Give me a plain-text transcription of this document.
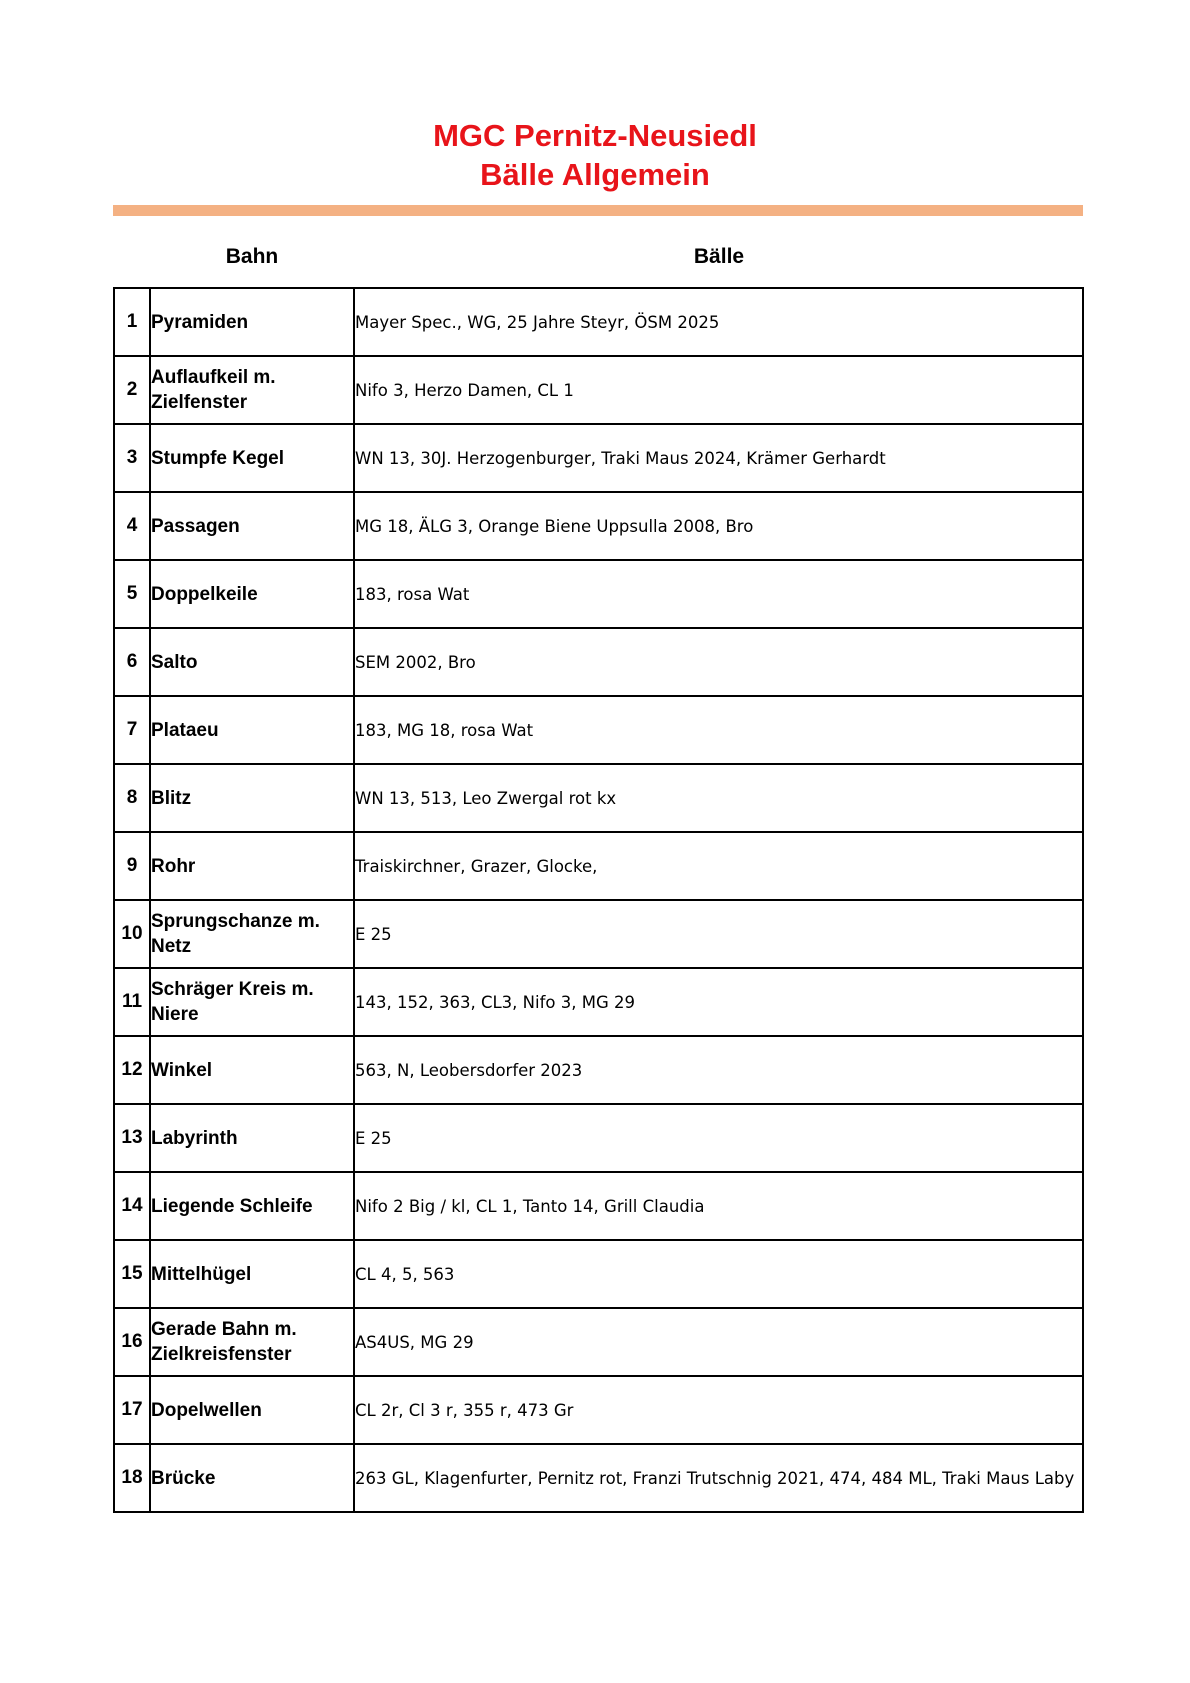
MGC Pernitz-Neusiedl
Bälle Allgemein
Bahn	Bälle
1	Pyramiden	Mayer Spec., WG, 25 Jahre Steyr, ÖSM 2025
2	Auflaufkeil m. Zielfenster	Nifo 3, Herzo Damen, CL 1
3	Stumpfe Kegel	WN 13, 30J. Herzogenburger, Traki Maus 2024, Krämer Gerhardt
4	Passagen	MG 18, ÄLG 3, Orange Biene Uppsulla 2008, Bro
5	Doppelkeile	183, rosa Wat
6	Salto	SEM 2002, Bro
7	Plataeu	183, MG 18, rosa Wat
8	Blitz	WN 13, 513, Leo Zwergal rot kx
9	Rohr	Traiskirchner, Grazer, Glocke,
10	Sprungschanze m. Netz	E 25
11	Schräger Kreis m. Niere	143, 152, 363, CL3, Nifo 3, MG 29
12	Winkel	563, N, Leobersdorfer 2023
13	Labyrinth	E 25
14	Liegende Schleife	Nifo 2 Big / kl, CL 1, Tanto 14, Grill Claudia
15	Mittelhügel	CL 4, 5, 563
16	Gerade Bahn m. Zielkreisfenster	AS4US, MG 29
17	Dopelwellen	CL 2r, Cl 3 r, 355 r, 473 Gr
18	Brücke	263 GL, Klagenfurter, Pernitz rot, Franzi Trutschnig 2021, 474, 484 ML, Traki Maus Laby
